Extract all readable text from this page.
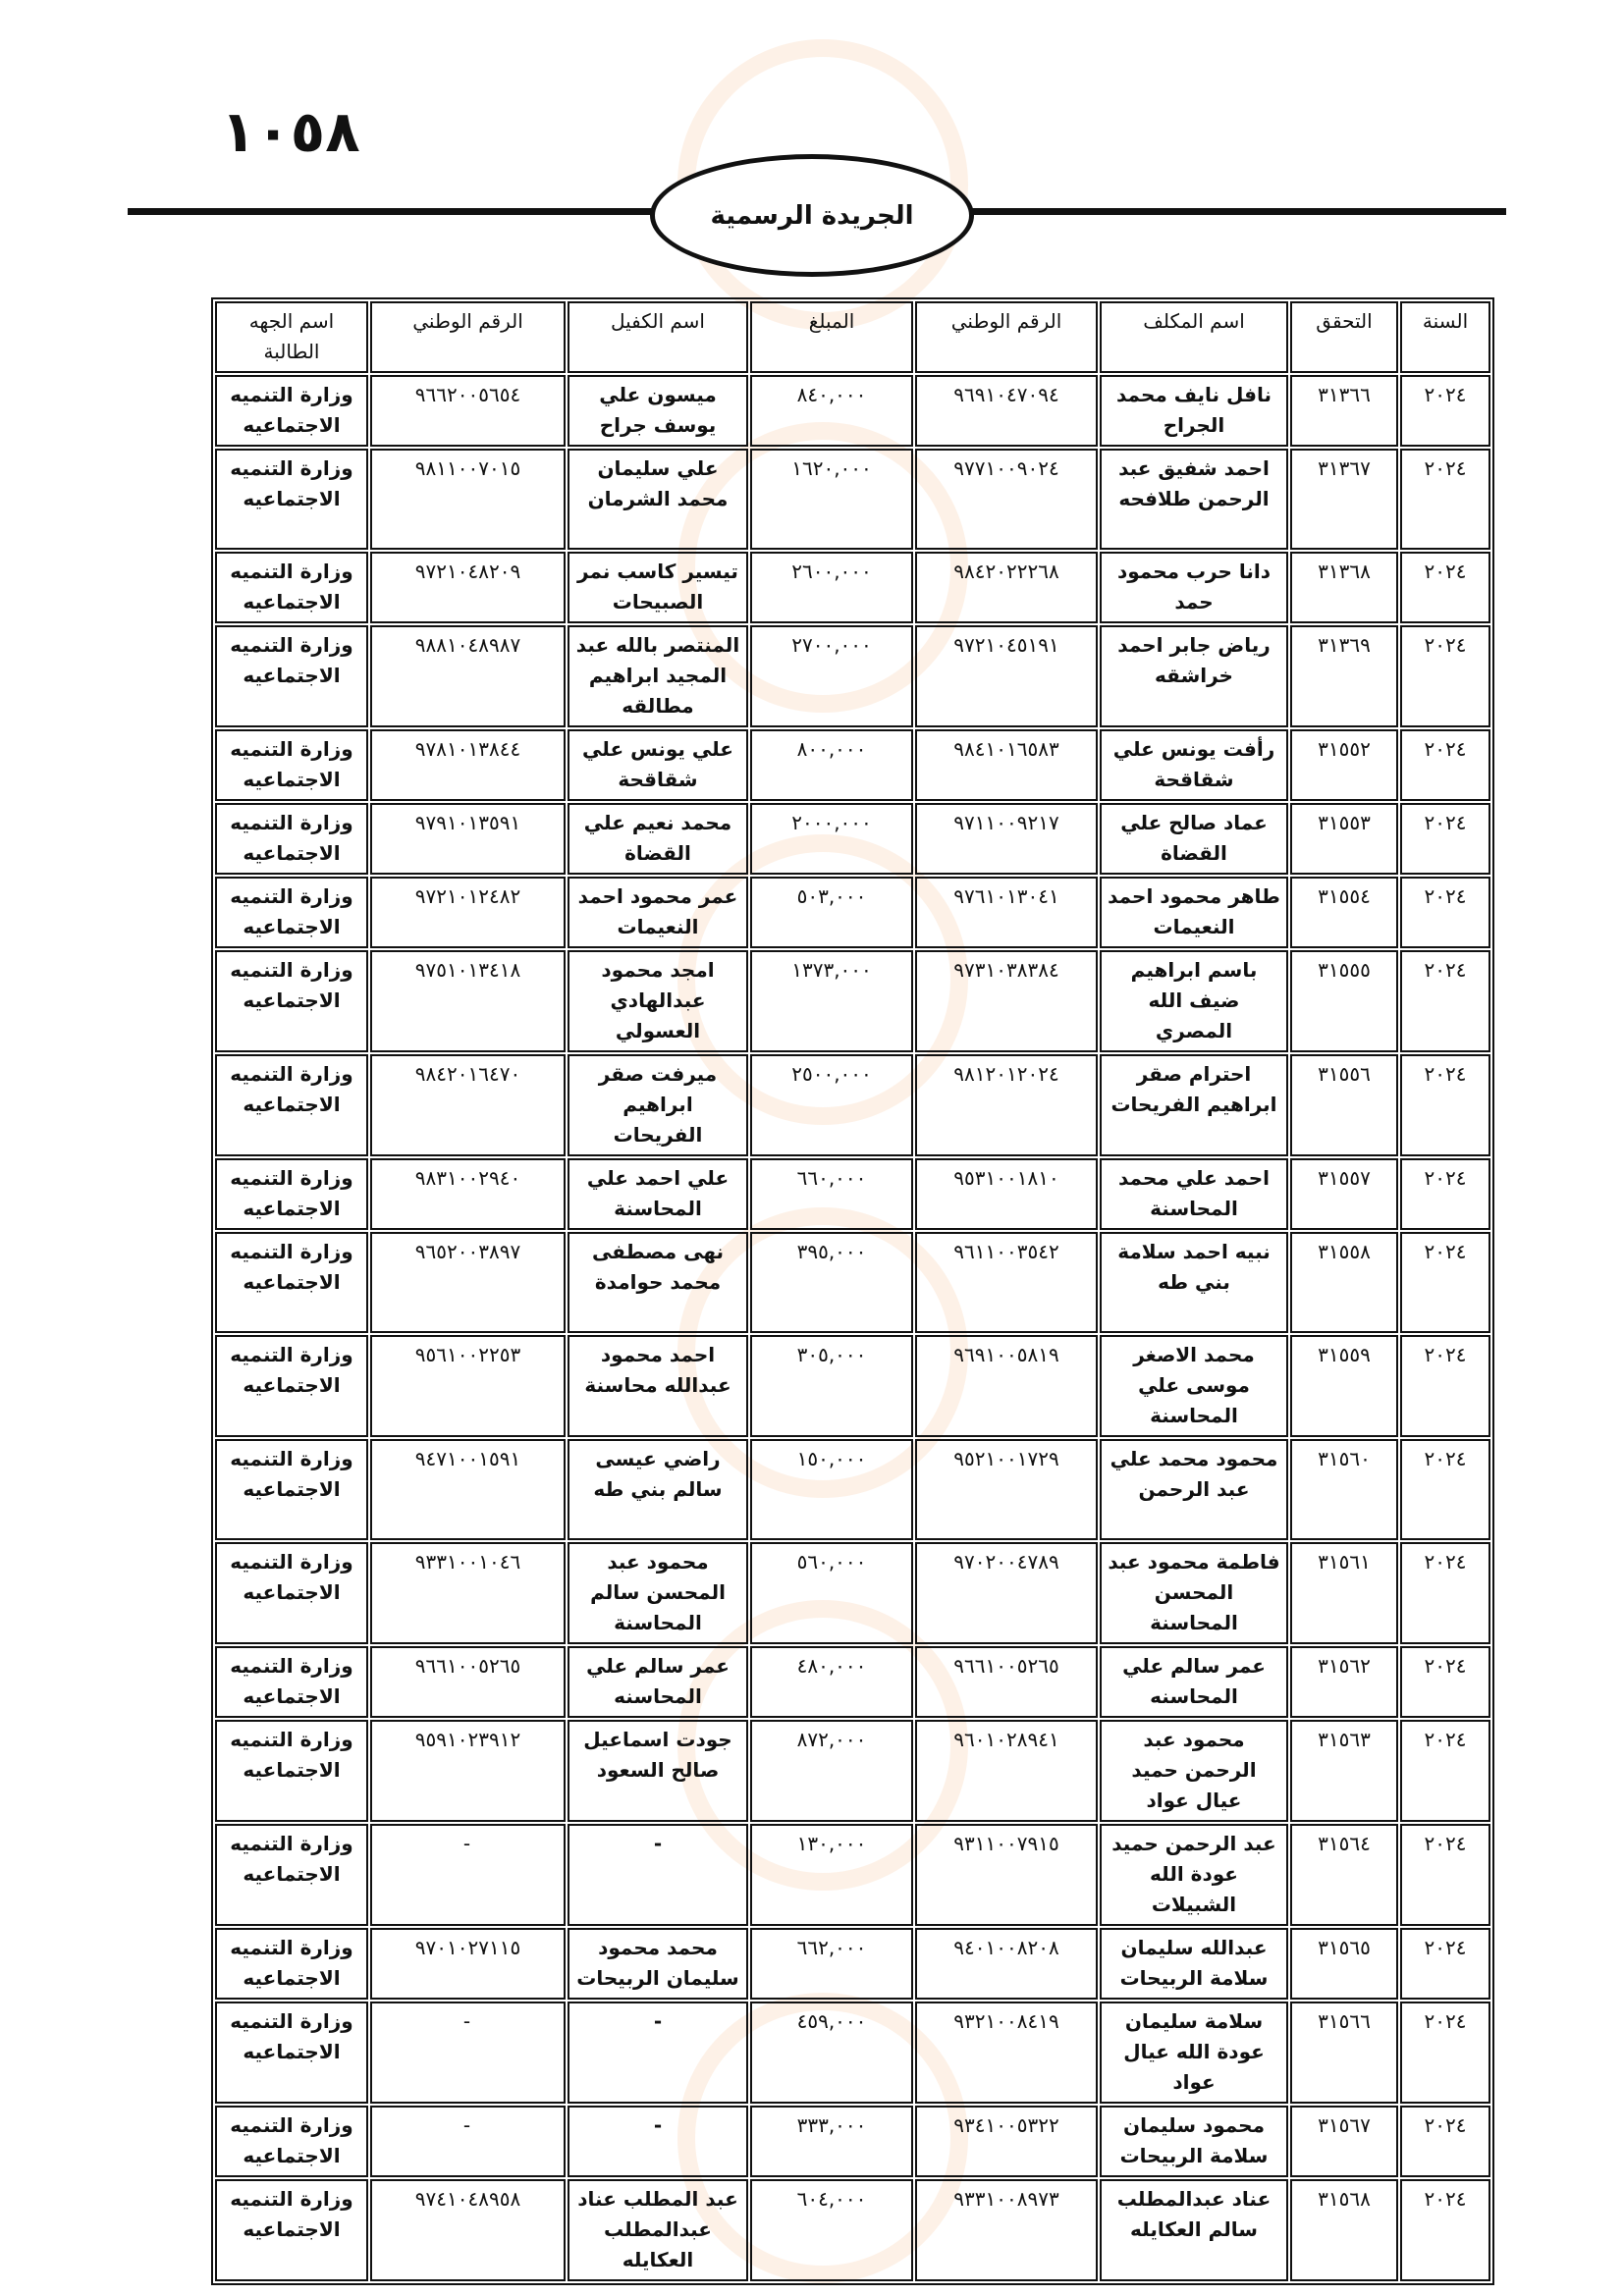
١٠٥٨
الجريدة الرسمية
السنة	التحقق	اسم المكلف	الرقم الوطني	المبلغ	اسم الكفيل	الرقم الوطني	اسم الجهه الطالبة
٢٠٢٤	٣١٣٦٦	نافل نايف محمد الجراح	٩٦٩١٠٤٧٠٩٤	٨٤٠,٠٠٠	ميسون علي يوسف جراح	٩٦٦٢٠٠٥٦٥٤	وزارة التنميه الاجتماعيه
٢٠٢٤	٣١٣٦٧	احمد شفيق عبد الرحمن طلافحه	٩٧٧١٠٠٩٠٢٤	١٦٢٠,٠٠٠	علي سليمان محمد الشرمان	٩٨١١٠٠٧٠١٥	وزارة التنميه الاجتماعيه
٢٠٢٤	٣١٣٦٨	دانا حرب محمود حمد	٩٨٤٢٠٢٢٢٦٨	٢٦٠٠,٠٠٠	تيسير كاسب نمر الصبيحات	٩٧٢١٠٤٨٢٠٩	وزارة التنميه الاجتماعيه
٢٠٢٤	٣١٣٦٩	رياض جابر احمد خراشقه	٩٧٢١٠٤٥١٩١	٢٧٠٠,٠٠٠	المنتصر بالله عبد المجيد ابراهيم مطالقه	٩٨٨١٠٤٨٩٨٧	وزارة التنميه الاجتماعيه
٢٠٢٤	٣١٥٥٢	رأفت يونس علي شقاقحة	٩٨٤١٠١٦٥٨٣	٨٠٠,٠٠٠	علي يونس علي شقاقحة	٩٧٨١٠١٣٨٤٤	وزارة التنميه الاجتماعيه
٢٠٢٤	٣١٥٥٣	عماد صالح علي القضاة	٩٧١١٠٠٩٢١٧	٢٠٠٠,٠٠٠	محمد نعيم علي القضاة	٩٧٩١٠١٣٥٩١	وزارة التنميه الاجتماعيه
٢٠٢٤	٣١٥٥٤	طاهر محمود احمد النعيمات	٩٧٦١٠١٣٠٤١	٥٠٣,٠٠٠	عمر محمود احمد النعيمات	٩٧٢١٠١٢٤٨٢	وزارة التنميه الاجتماعيه
٢٠٢٤	٣١٥٥٥	باسم ابراهيم ضيف الله المصري	٩٧٣١٠٣٨٣٨٤	١٣٧٣,٠٠٠	امجد محمود عبدالهادي العسولي	٩٧٥١٠١٣٤١٨	وزارة التنميه الاجتماعيه
٢٠٢٤	٣١٥٥٦	احترام صقر ابراهيم الفريحات	٩٨١٢٠١٢٠٢٤	٢٥٠٠,٠٠٠	ميرفت صقر ابراهيم الفريحات	٩٨٤٢٠١٦٤٧٠	وزارة التنميه الاجتماعيه
٢٠٢٤	٣١٥٥٧	احمد علي محمد المحاسنة	٩٥٣١٠٠١٨١٠	٦٦٠,٠٠٠	علي احمد علي المحاسنة	٩٨٣١٠٠٢٩٤٠	وزارة التنميه الاجتماعيه
٢٠٢٤	٣١٥٥٨	نبيه احمد سلامة بني طه	٩٦١١٠٠٣٥٤٢	٣٩٥,٠٠٠	نهى مصطفى محمد حوامدة	٩٦٥٢٠٠٣٨٩٧	وزارة التنميه الاجتماعيه
٢٠٢٤	٣١٥٥٩	محمد الاصغر موسى علي المحاسنة	٩٦٩١٠٠٥٨١٩	٣٠٥,٠٠٠	احمد محمود عبدالله محاسنة	٩٥٦١٠٠٢٢٥٣	وزارة التنميه الاجتماعيه
٢٠٢٤	٣١٥٦٠	محمود محمد علي عبد الرحمن	٩٥٢١٠٠١٧٢٩	١٥٠,٠٠٠	راضي عيسى سالم بني طه	٩٤٧١٠٠١٥٩١	وزارة التنميه الاجتماعيه
٢٠٢٤	٣١٥٦١	فاطمة محمود عبد المحسن المحاسنة	٩٧٠٢٠٠٤٧٨٩	٥٦٠,٠٠٠	محمود عبد المحسن سالم المحاسنة	٩٣٣١٠٠١٠٤٦	وزارة التنميه الاجتماعيه
٢٠٢٤	٣١٥٦٢	عمر سالم علي المحاسنه	٩٦٦١٠٠٥٢٦٥	٤٨٠,٠٠٠	عمر سالم علي المحاسنه	٩٦٦١٠٠٥٢٦٥	وزارة التنميه الاجتماعيه
٢٠٢٤	٣١٥٦٣	محمود عبد الرحمن حميد عيال عواد	٩٦٠١٠٢٨٩٤١	٨٧٢,٠٠٠	جودت اسماعيل صالح السعود	٩٥٩١٠٢٣٩١٢	وزارة التنميه الاجتماعيه
٢٠٢٤	٣١٥٦٤	عبد الرحمن حميد عودة الله الشبيلات	٩٣١١٠٠٧٩١٥	١٣٠,٠٠٠	-	-	وزارة التنميه الاجتماعيه
٢٠٢٤	٣١٥٦٥	عبدالله سليمان سلامة الربيحات	٩٤٠١٠٠٨٢٠٨	٦٦٢,٠٠٠	محمد محمود سليمان الربيحات	٩٧٠١٠٢٧١١٥	وزارة التنميه الاجتماعيه
٢٠٢٤	٣١٥٦٦	سلامة سليمان عودة الله عيال عواد	٩٣٢١٠٠٨٤١٩	٤٥٩,٠٠٠	-	-	وزارة التنميه الاجتماعيه
٢٠٢٤	٣١٥٦٧	محمود سليمان سلامة الربيحات	٩٣٤١٠٠٥٣٢٢	٣٣٣,٠٠٠	-	-	وزارة التنميه الاجتماعيه
٢٠٢٤	٣١٥٦٨	عناد عبدالمطلب سالم العكايله	٩٣٣١٠٠٨٩٧٣	٦٠٤,٠٠٠	عبد المطلب عناد عبدالمطلب العكايله	٩٧٤١٠٤٨٩٥٨	وزارة التنميه الاجتماعيه
